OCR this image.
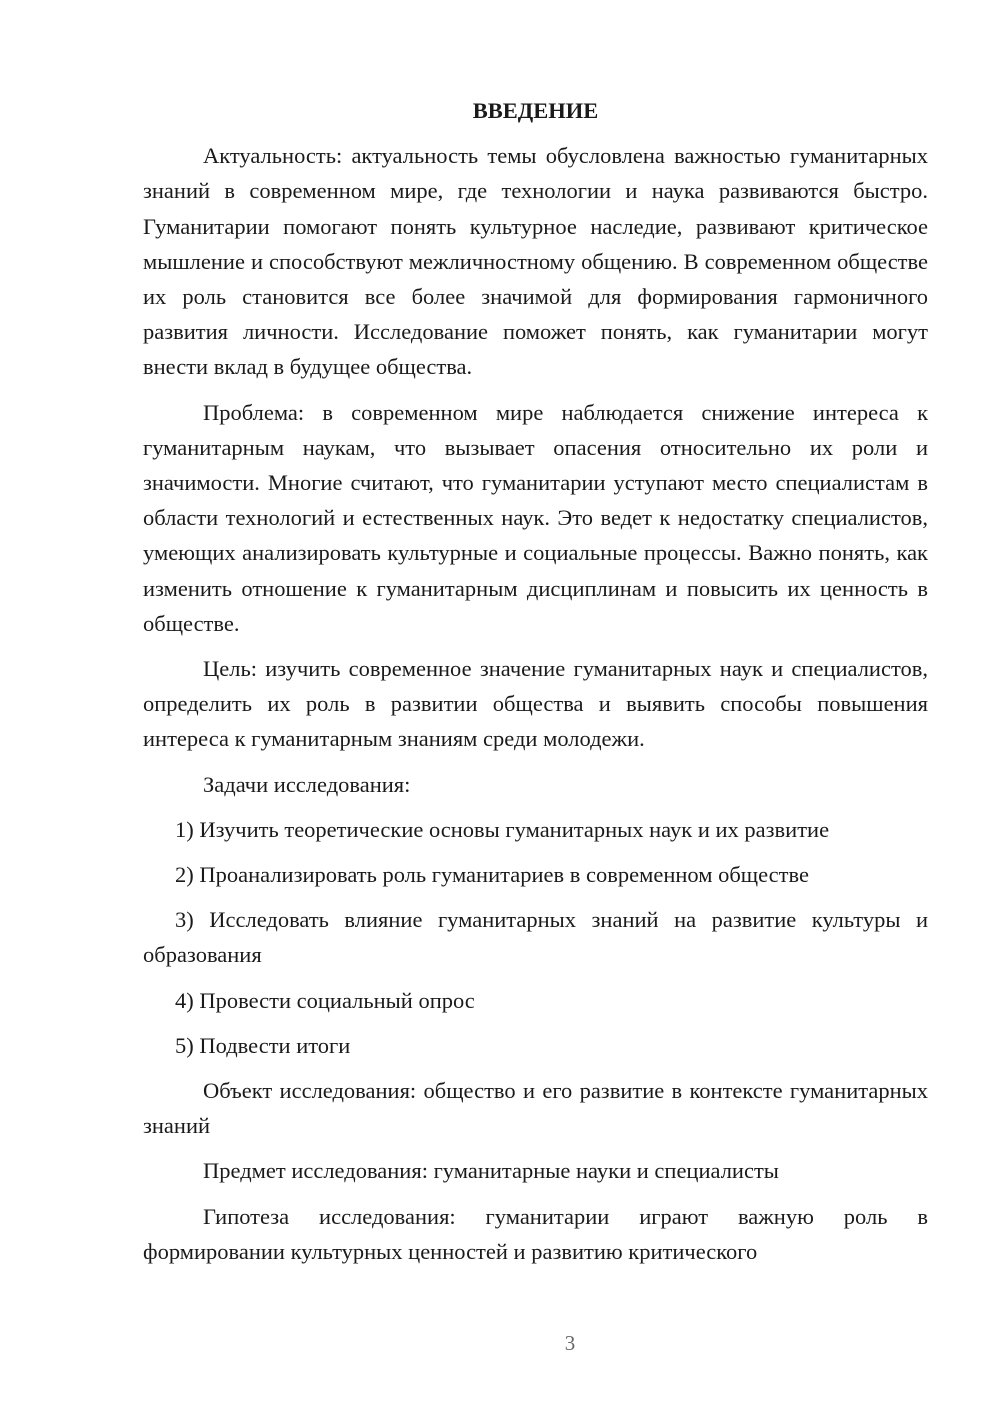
ВВЕДЕНИЕ

Актуальность: актуальность темы обусловлена важностью гуманитарных знаний в современном мире, где технологии и наука развиваются быстро. Гуманитарии помогают понять культурное наследие, развивают критическое мышление и способствуют межличностному общению. В современном обществе их роль становится все более значимой для формирования гармоничного развития личности. Исследование поможет понять, как гуманитарии могут внести вклад в будущее общества.

Проблема: в современном мире наблюдается снижение интереса к гуманитарным наукам, что вызывает опасения относительно их роли и значимости. Многие считают, что гуманитарии уступают место специалистам в области технологий и естественных наук. Это ведет к недостатку специалистов, умеющих анализировать культурные и социальные процессы. Важно понять, как изменить отношение к гуманитарным дисциплинам и повысить их ценность в обществе.

Цель: изучить современное значение гуманитарных наук и специалистов, определить их роль в развитии общества и выявить способы повышения интереса к гуманитарным знаниям среди молодежи.

Задачи исследования:

1) Изучить теоретические основы гуманитарных наук и их развитие

2) Проанализировать роль гуманитариев в современном обществе

3) Исследовать влияние гуманитарных знаний на развитие культуры и образования

4) Провести социальный опрос

5) Подвести итоги

Объект исследования: общество и его развитие в контексте гуманитарных знаний

Предмет исследования: гуманитарные науки и специалисты

Гипотеза исследования: гуманитарии играют важную роль в формировании культурных ценностей и развитию критического

3
